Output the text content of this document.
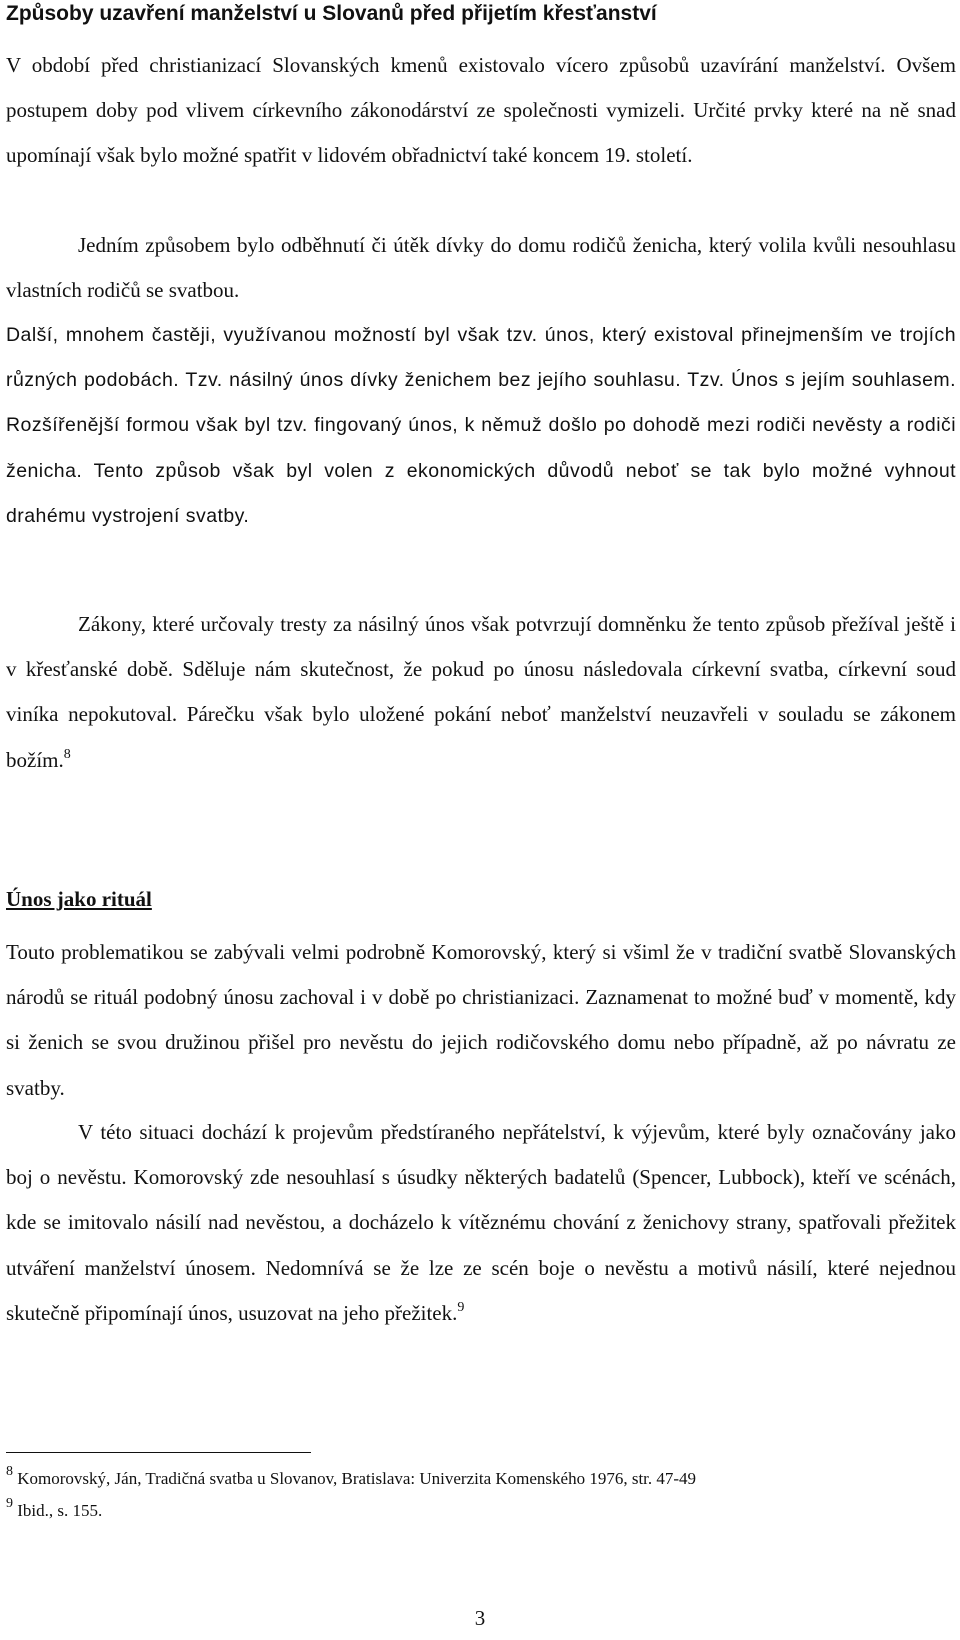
Způsoby uzavření manželství u Slovanů před přijetím křesťanství

V období před christianizací Slovanských kmenů existovalo vícero způsobů uzavírání manželství. Ovšem postupem doby pod vlivem církevního zákonodárství ze společnosti vymizeli. Určité prvky které na ně snad upomínají však bylo možné spatřit v lidovém obřadnictví také koncem 19. století.

Jedním způsobem bylo odběhnutí či útěk dívky do domu rodičů ženicha, který volila kvůli nesouhlasu vlastních rodičů se svatbou.

Další, mnohem častěji, využívanou možností byl však tzv. únos, který existoval přinejmenším ve trojích různých podobách. Tzv. násilný únos dívky ženichem bez jejího souhlasu. Tzv. Únos s jejím souhlasem. Rozšířenější formou však byl tzv. fingovaný únos, k němuž došlo po dohodě mezi rodiči nevěsty a rodiči ženicha. Tento způsob však byl volen z ekonomických důvodů neboť se tak bylo možné vyhnout drahému vystrojení svatby.

Zákony, které určovaly tresty za násilný únos však potvrzují domněnku že tento způsob přežíval ještě i v křesťanské době. Sděluje nám skutečnost, že pokud po únosu následovala církevní svatba, církevní soud viníka nepokutoval. Párečku však bylo uložené pokání neboť manželství neuzavřeli v souladu se zákonem božím.$^8$

Únos jako rituál

Touto problematikou se zabývali velmi podrobně Komorovský, který si všiml že v tradiční svatbě Slovanských národů se rituál podobný únosu zachoval i v době po christianizaci. Zaznamenat to možné buď v momentě, kdy si ženich se svou družinou přišel pro nevěstu do jejich rodičovského domu nebo případně, až po návratu ze svatby.

V této situaci dochází k projevům předstíraného nepřátelství, k výjevům, které byly označovány jako boj o nevěstu. Komorovský zde nesouhlasí s úsudky některých badatelů (Spencer, Lubbock), kteří ve scénách, kde se imitovalo násilí nad nevěstou, a docházelo k vítěznému chování z ženichovy strany, spatřovali přežitek utváření manželství únosem. Nedomnívá se že lze ze scén boje o nevěstu a motivů násilí, které nejednou skutečně připomínají únos, usuzovat na jeho přežitek.$^9$

$^8$ Komorovský, Ján, Tradičná svatba u Slovanov, Bratislava: Univerzita Komenského 1976, str. 47-49

$^9$ Ibid., s. 155.

3
